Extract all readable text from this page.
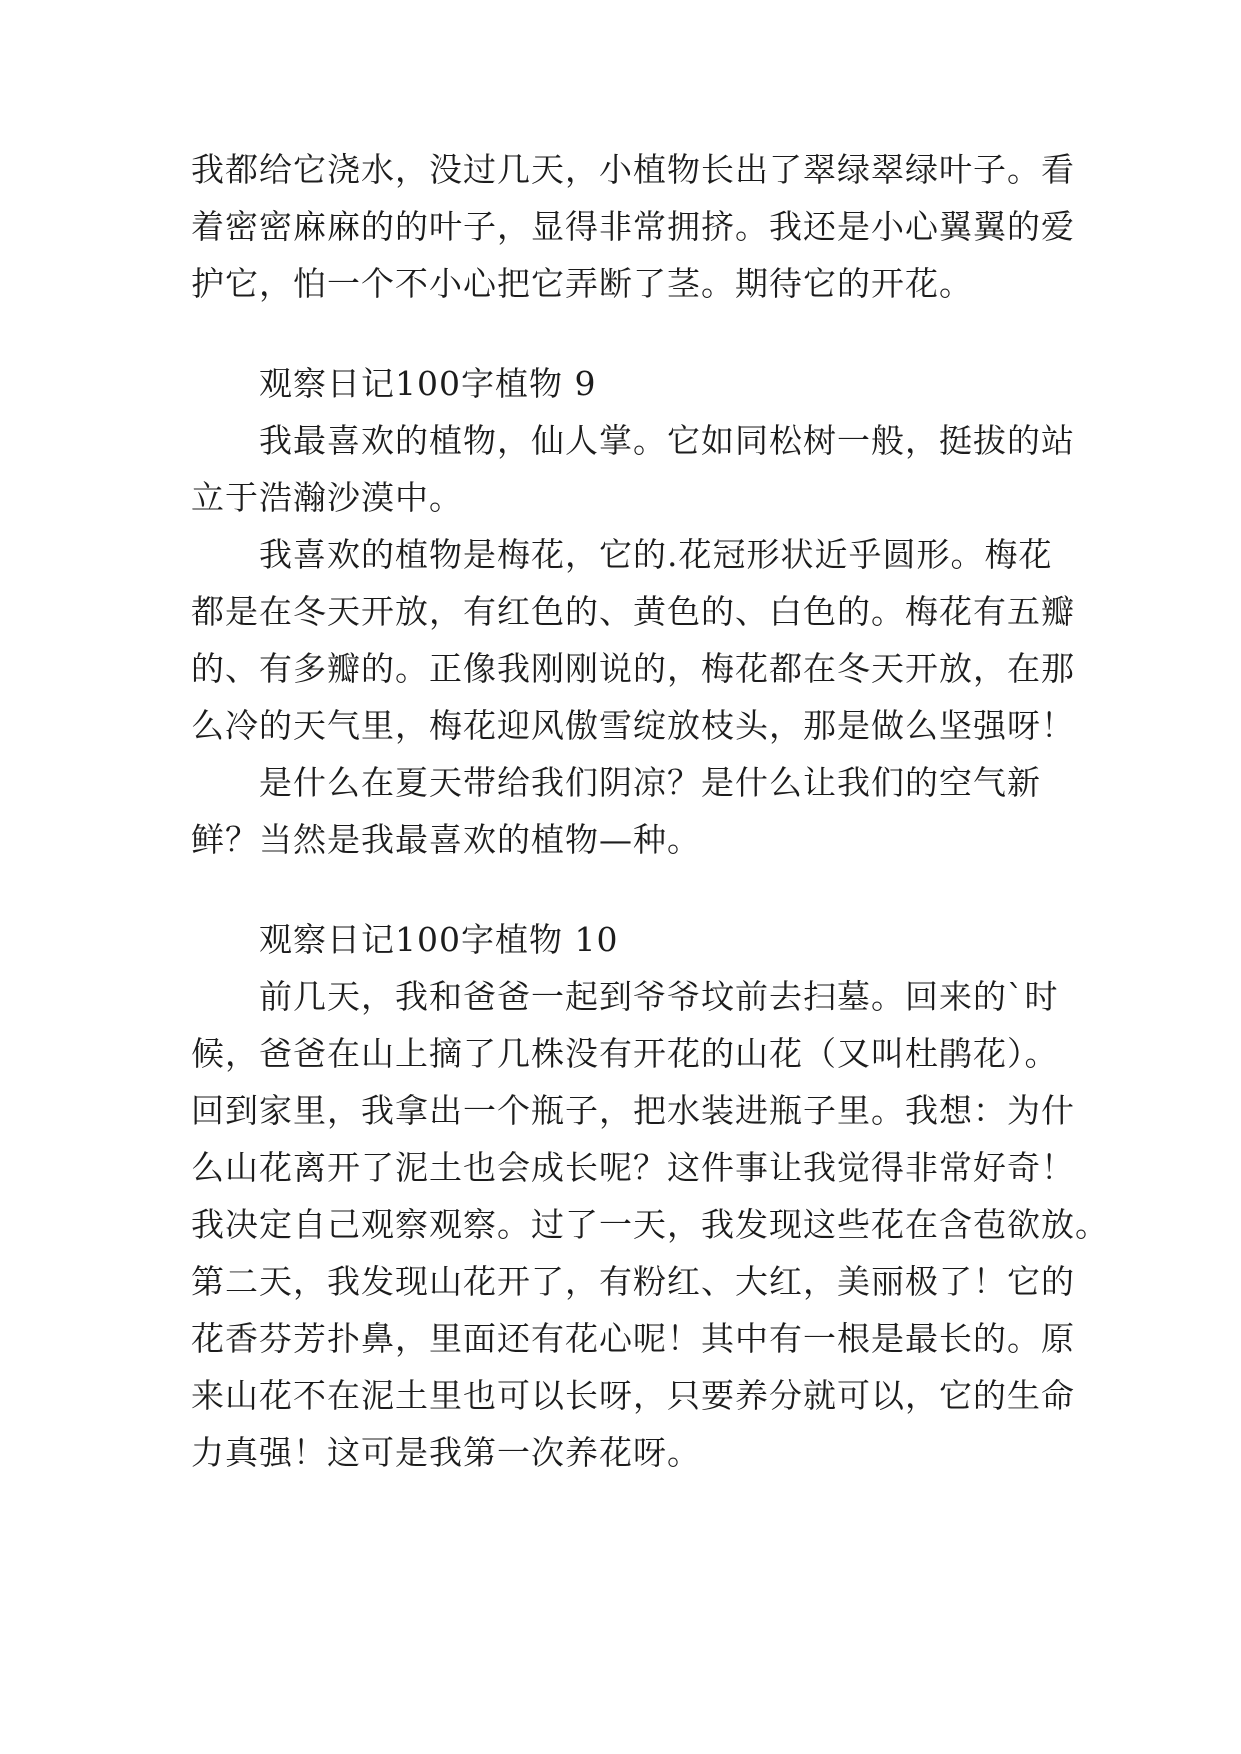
我都给它浇水，没过几天，小植物长出了翠绿翠绿叶子。看
着密密麻麻的的叶子，显得非常拥挤。我还是小心翼翼的爱
护它，怕一个不小心把它弄断了茎。期待它的开花。
观察日记100字植物 9
我最喜欢的植物，仙人掌。它如同松树一般，挺拔的站
立于浩瀚沙漠中。
我喜欢的植物是梅花，它的.花冠形状近乎圆形。梅花
都是在冬天开放，有红色的、黄色的、白色的。梅花有五瓣
的、有多瓣的。正像我刚刚说的，梅花都在冬天开放，在那
么冷的天气里，梅花迎风傲雪绽放枝头，那是做么坚强呀！
是什么在夏天带给我们阴凉？是什么让我们的空气新
鲜？当然是我最喜欢的植物—种。
观察日记100字植物 10
前几天，我和爸爸一起到爷爷坟前去扫墓。回来的`时
候，爸爸在山上摘了几株没有开花的山花（又叫杜鹃花）。
回到家里，我拿出一个瓶子，把水装进瓶子里。我想：为什
么山花离开了泥土也会成长呢？这件事让我觉得非常好奇！
我决定自己观察观察。过了一天，我发现这些花在含苞欲放。
第二天，我发现山花开了，有粉红、大红，美丽极了！它的
花香芬芳扑鼻，里面还有花心呢！其中有一根是最长的。原
来山花不在泥土里也可以长呀，只要养分就可以，它的生命
力真强！这可是我第一次养花呀。
